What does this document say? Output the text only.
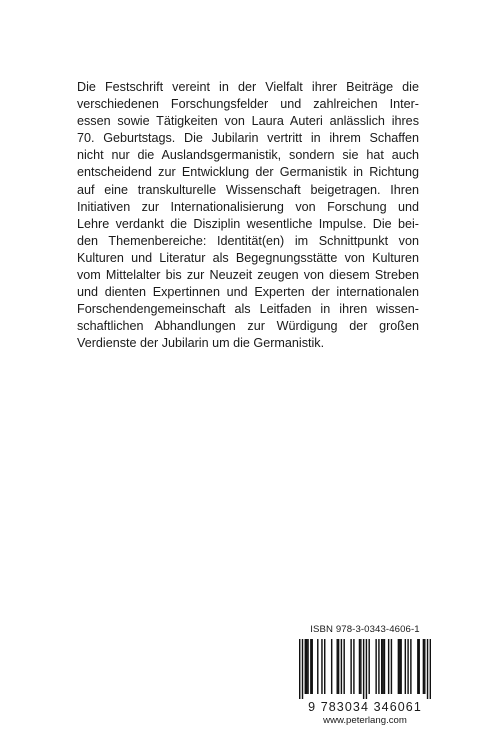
Die Festschrift vereint in der Vielfalt ihrer Beiträge die
verschiedenen Forschungsfelder und zahlreichen Inter-
essen sowie Tätigkeiten von Laura Auteri anlässlich ihres
70. Geburtstags. Die Jubilarin vertritt in ihrem Schaffen
nicht nur die Auslandsgermanistik, sondern sie hat auch
entscheidend zur Entwicklung der Germanistik in Richtung
auf eine transkulturelle Wissenschaft beigetragen. Ihren
Initiativen zur Internationalisierung von Forschung und
Lehre verdankt die Disziplin wesentliche Impulse. Die bei-
den Themenbereiche: Identität(en) im Schnittpunkt von
Kulturen und Literatur als Begegnungsstätte von Kulturen
vom Mittelalter bis zur Neuzeit zeugen von diesem Streben
und dienten Expertinnen und Experten der internationalen
Forschendengemeinschaft als Leitfaden in ihren wissen-
schaftlichen Abhandlungen zur Würdigung der großen
Verdienste der Jubilarin um die Germanistik.
ISBN 978-3-0343-4606-1
9 783034 346061
www.peterlang.com
